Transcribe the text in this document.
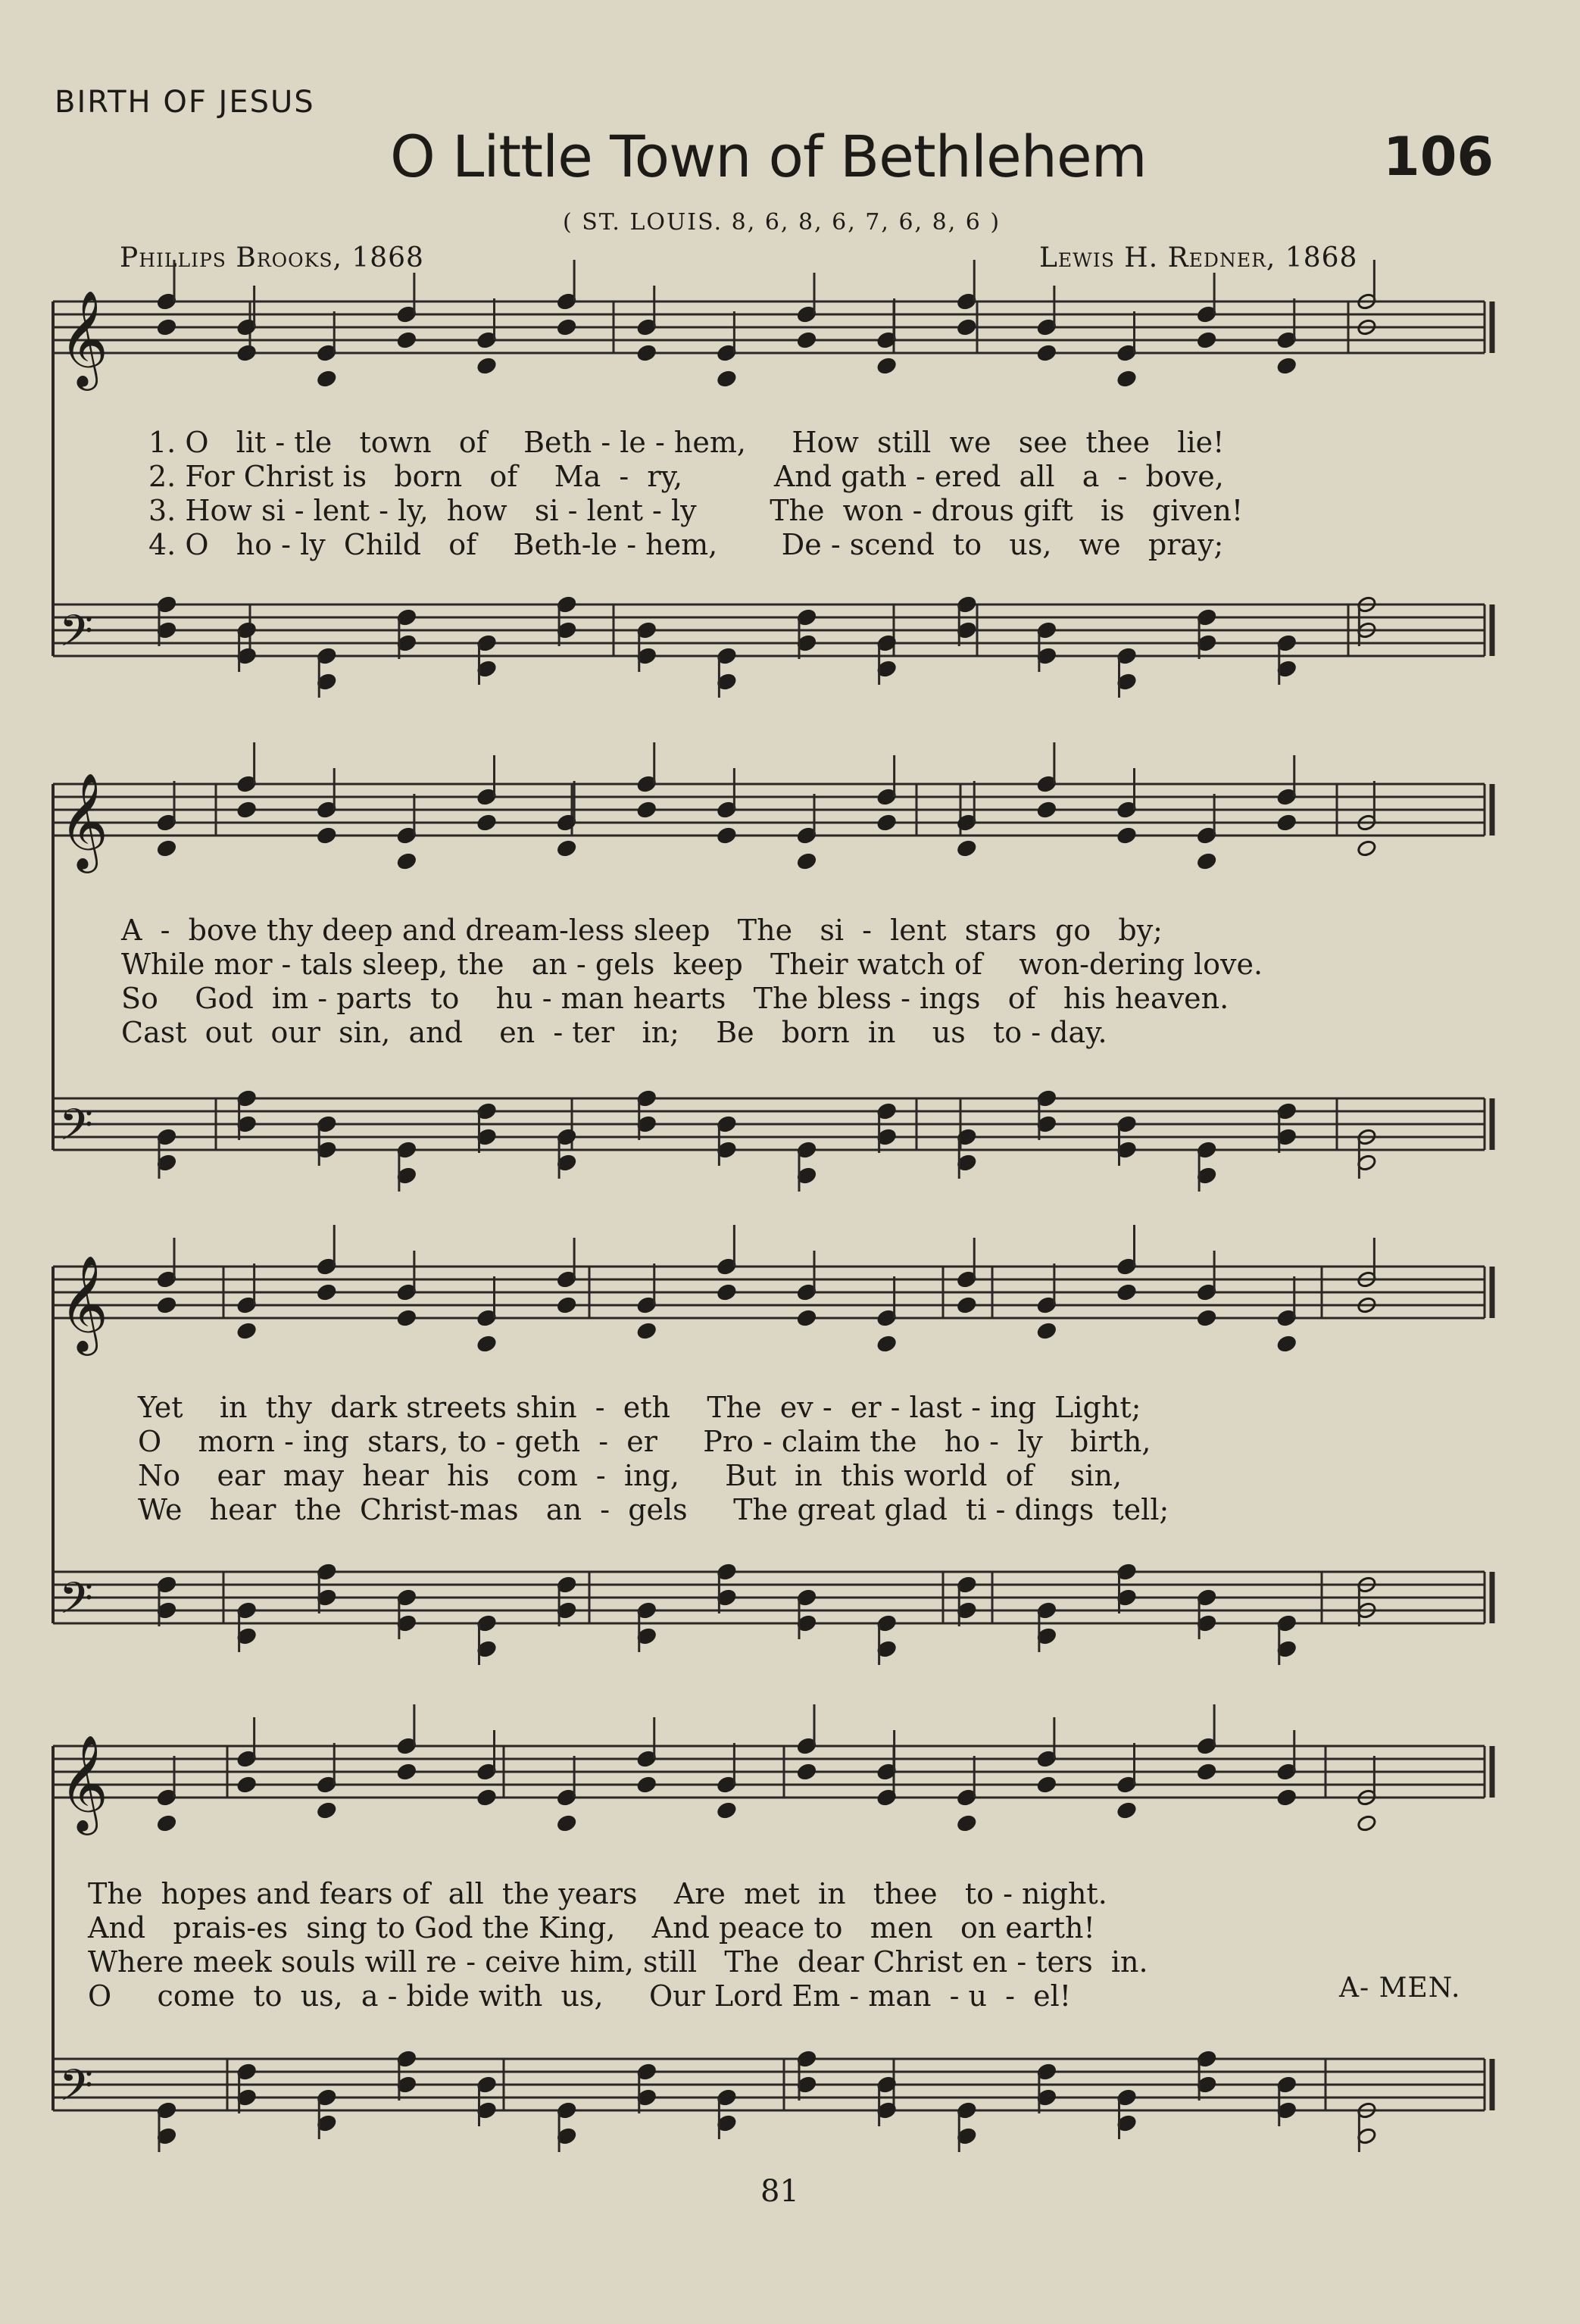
BIRTH OF JESUS
O Little Town of Bethlehem	106
( ST. LOUIS. 8, 6, 8, 6, 7, 6, 8, 6 )
Phillips Brooks, 1868	Lewis H. Redner, 1868
𝄞
𝄢
𝄞
𝄢
𝄞
𝄢
𝄞
𝄢
1. O   lit - tle   town   of    Beth - le - hem,     How  still  we   see  thee   lie!
2. For Christ is   born   of    Ma  -  ry,          And gath - ered  all   a  -  bove,
3. How si - lent - ly,  how   si - lent - ly        The  won - drous gift   is   given!
4. O   ho - ly  Child   of    Beth-le - hem,       De - scend  to   us,   we   pray;
A  -  bove thy deep and dream-less sleep   The   si  -  lent  stars  go   by;
While mor - tals sleep, the   an - gels  keep   Their watch of    won-dering love.
So    God  im - parts  to    hu - man hearts   The bless - ings   of   his heaven.
Cast  out  our  sin,  and    en  - ter   in;    Be   born  in    us   to - day.
Yet    in  thy  dark streets shin  -  eth    The  ev -  er - last - ing  Light;
O    morn - ing  stars, to - geth  -  er     Pro - claim the   ho -  ly   birth,
No    ear  may  hear  his   com  -  ing,     But  in  this world  of    sin,
We   hear  the  Christ-mas   an  -  gels     The great glad  ti - dings  tell;
The  hopes and fears of  all  the years    Are  met  in   thee   to - night.
And   prais-es  sing to God the King,    And peace to   men   on earth!
Where meek souls will re - ceive him, still   The  dear Christ en - ters  in.
O     come  to  us,  a - bide with  us,     Our Lord Em - man  - u  -  el!	A- MEN.
81
